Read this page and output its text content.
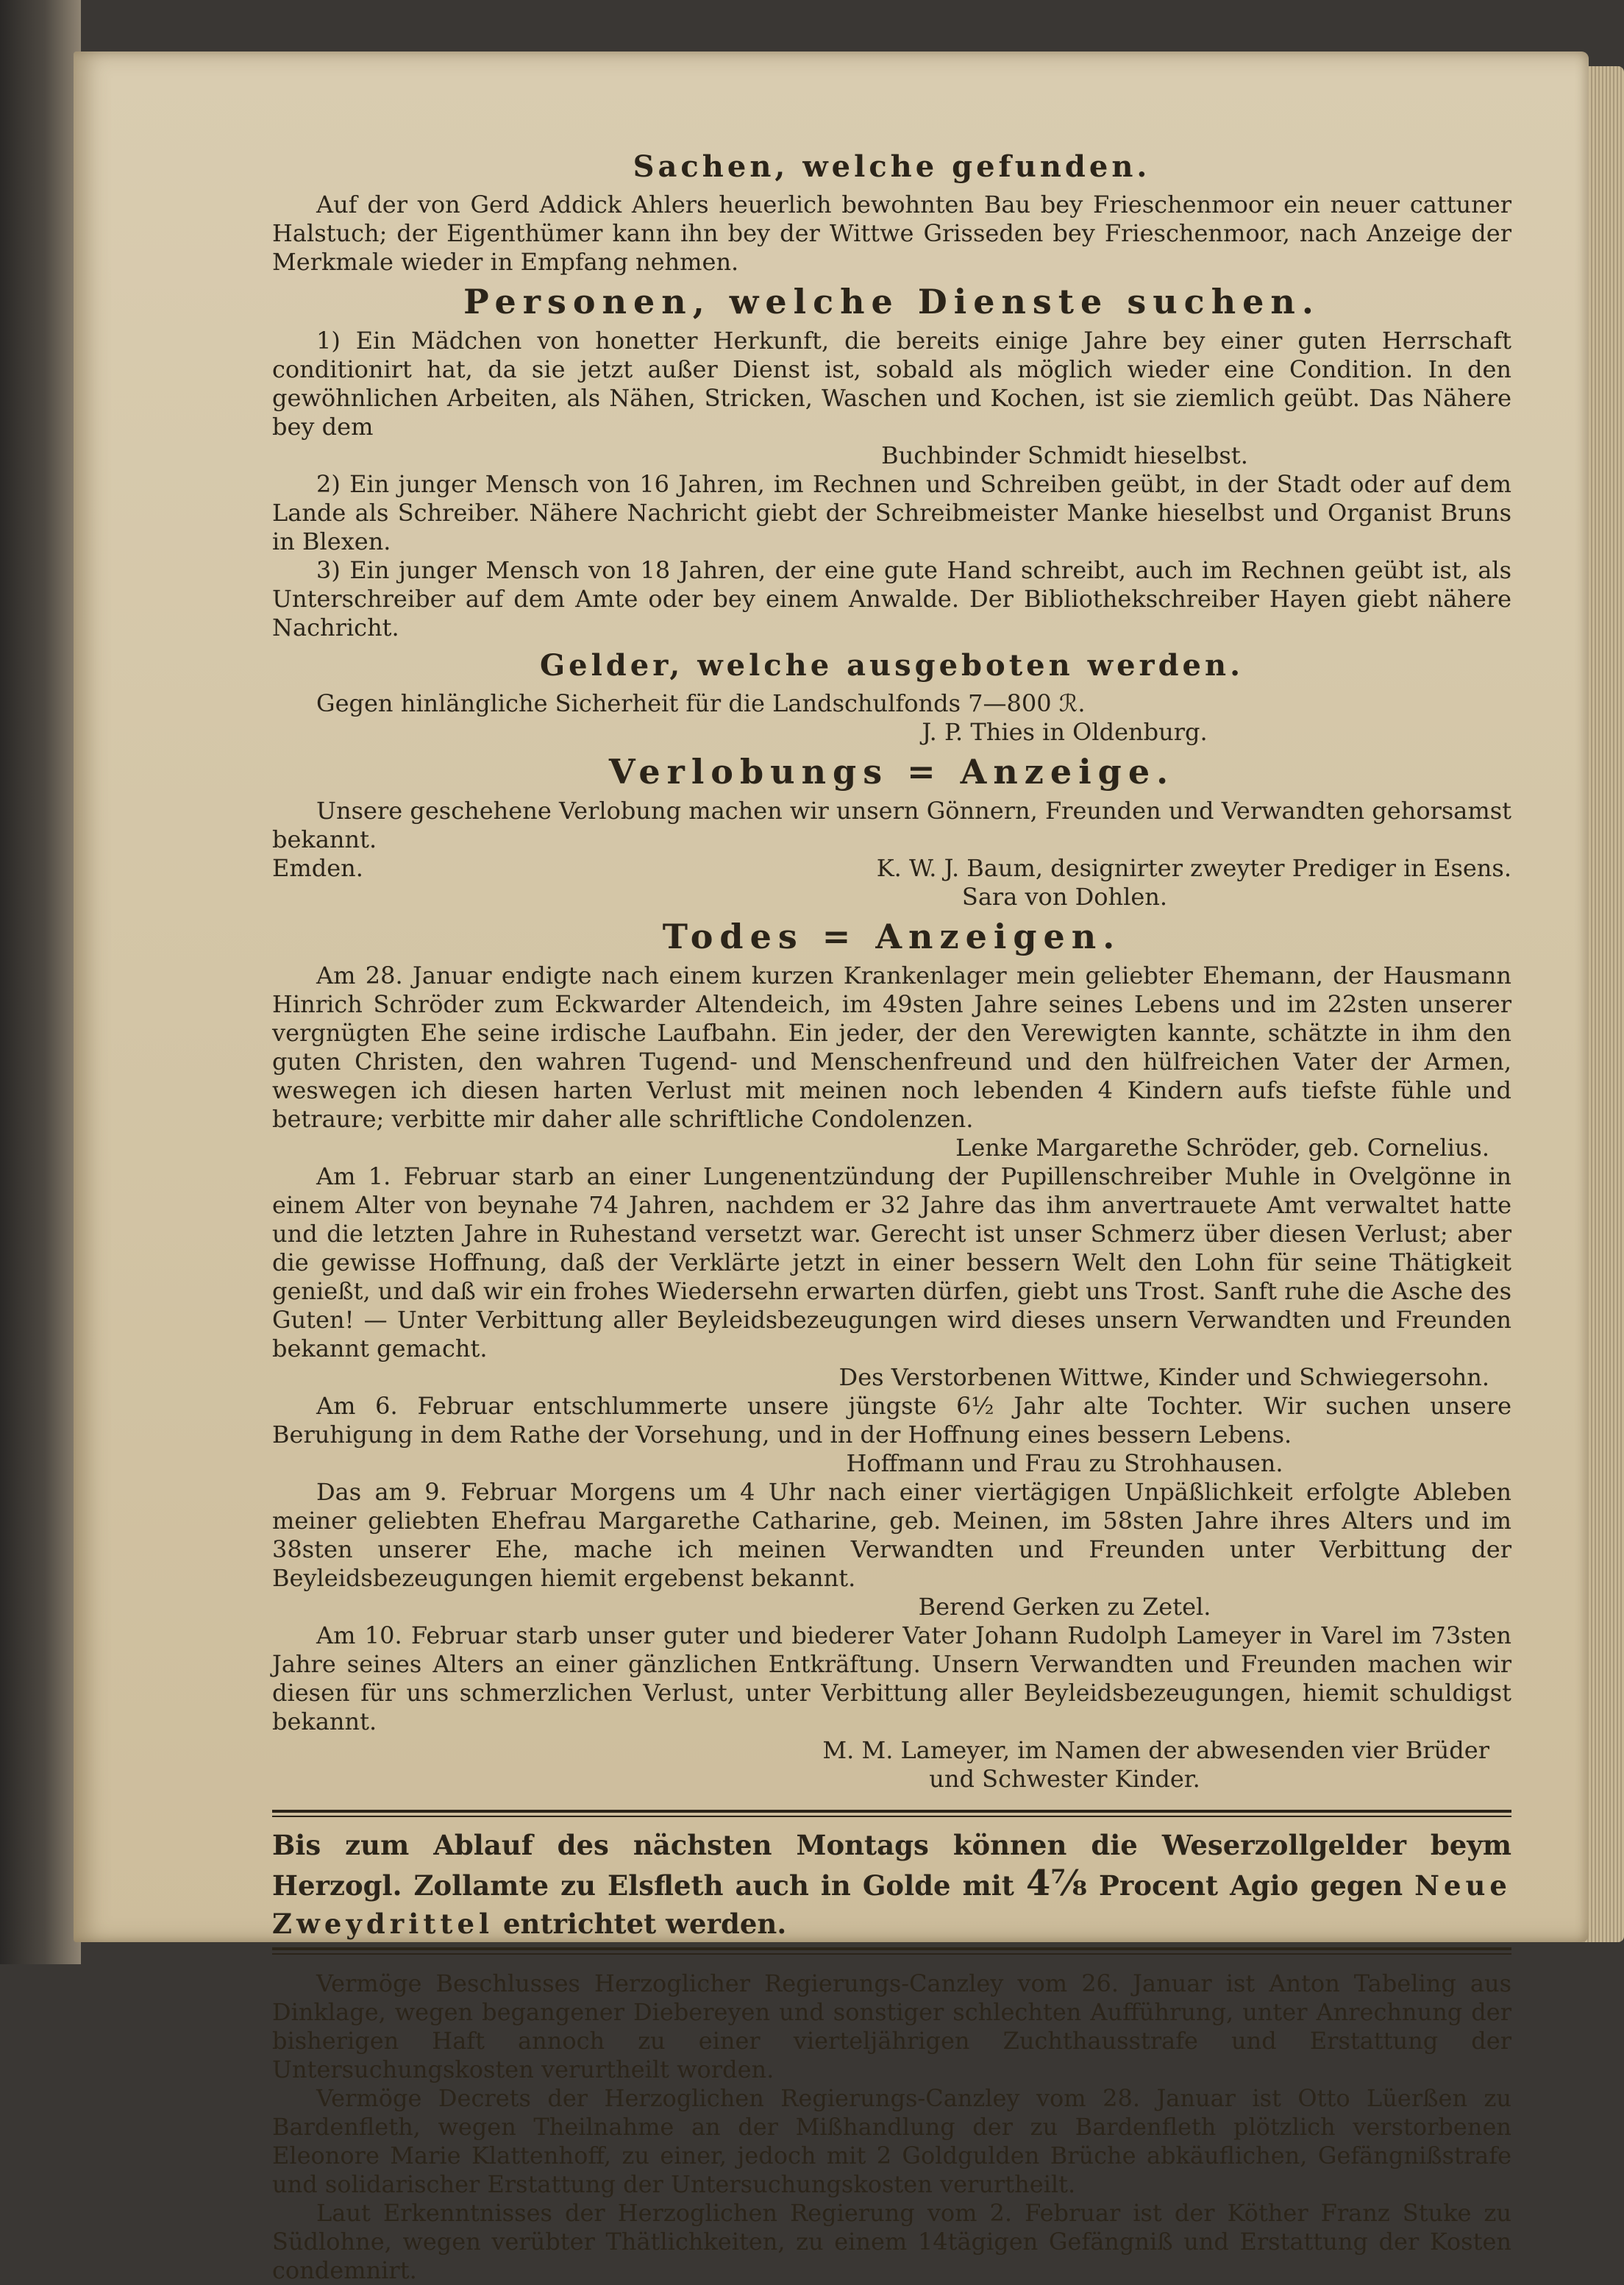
Sachen, welche gefunden.

Auf der von Gerd Addick Ahlers heuerlich bewohnten Bau bey Frieschenmoor ein neuer cattuner Halstuch; der Eigenthümer kann ihn bey der Wittwe Grisseden bey Frieschenmoor, nach Anzeige der Merkmale wieder in Empfang nehmen.

Personen, welche Dienste suchen.

1) Ein Mädchen von honetter Herkunft, die bereits einige Jahre bey einer guten Herrschaft conditionirt hat, da sie jetzt außer Dienst ist, sobald als möglich wieder eine Condition. In den gewöhnlichen Arbeiten, als Nähen, Stricken, Waschen und Kochen, ist sie ziemlich geübt. Das Nähere bey dem

Buchbinder Schmidt hieselbst.

2) Ein junger Mensch von 16 Jahren, im Rechnen und Schreiben geübt, in der Stadt oder auf dem Lande als Schreiber. Nähere Nachricht giebt der Schreibmeister Manke hieselbst und Organist Bruns in Blexen.

3) Ein junger Mensch von 18 Jahren, der eine gute Hand schreibt, auch im Rechnen geübt ist, als Unterschreiber auf dem Amte oder bey einem Anwalde. Der Bibliothekschreiber Hayen giebt nähere Nachricht.

Gelder, welche ausgeboten werden.

Gegen hinlängliche Sicherheit für die Landschulfonds 7—800 ℛ.

J. P. Thies in Oldenburg.

Verlobungs = Anzeige.

Unsere geschehene Verlobung machen wir unsern Gönnern, Freunden und Verwandten gehorsamst bekannt.

Emden.	K. W. J. Baum, designirter zweyter Prediger in Esens.

Sara von Dohlen.

Todes = Anzeigen.

Am 28. Januar endigte nach einem kurzen Krankenlager mein geliebter Ehemann, der Hausmann Hinrich Schröder zum Eckwarder Altendeich, im 49sten Jahre seines Lebens und im 22sten unserer vergnügten Ehe seine irdische Laufbahn. Ein jeder, der den Verewigten kannte, schätzte in ihm den guten Christen, den wahren Tugend- und Menschenfreund und den hülfreichen Vater der Armen, weswegen ich diesen harten Verlust mit meinen noch lebenden 4 Kindern aufs tiefste fühle und betraure; verbitte mir daher alle schriftliche Condolenzen.

Lenke Margarethe Schröder, geb. Cornelius.

Am 1. Februar starb an einer Lungenentzündung der Pupillenschreiber Muhle in Ovelgönne in einem Alter von beynahe 74 Jahren, nachdem er 32 Jahre das ihm anvertrauete Amt verwaltet hatte und die letzten Jahre in Ruhestand versetzt war. Gerecht ist unser Schmerz über diesen Verlust; aber die gewisse Hoffnung, daß der Verklärte jetzt in einer bessern Welt den Lohn für seine Thätigkeit genießt, und daß wir ein frohes Wiedersehn erwarten dürfen, giebt uns Trost. Sanft ruhe die Asche des Guten! — Unter Verbittung aller Beyleidsbezeugungen wird dieses unsern Verwandten und Freunden bekannt gemacht.

Des Verstorbenen Wittwe, Kinder und Schwiegersohn.

Am 6. Februar entschlummerte unsere jüngste 6½ Jahr alte Tochter. Wir suchen unsere Beruhigung in dem Rathe der Vorsehung, und in der Hoffnung eines bessern Lebens.

Hoffmann und Frau zu Strohhausen.

Das am 9. Februar Morgens um 4 Uhr nach einer viertägigen Unpäßlichkeit erfolgte Ableben meiner geliebten Ehefrau Margarethe Catharine, geb. Meinen, im 58sten Jahre ihres Alters und im 38sten unserer Ehe, mache ich meinen Verwandten und Freunden unter Verbittung der Beyleidsbezeugungen hiemit ergebenst bekannt.

Berend Gerken zu Zetel.

Am 10. Februar starb unser guter und biederer Vater Johann Rudolph Lameyer in Varel im 73sten Jahre seines Alters an einer gänzlichen Entkräftung. Unsern Verwandten und Freunden machen wir diesen für uns schmerzlichen Verlust, unter Verbittung aller Beyleidsbezeugungen, hiemit schuldigst bekannt.

M. M. Lameyer, im Namen der abwesenden vier Brüder

und Schwester Kinder.

Bis zum Ablauf des nächsten Montags können die Weserzollgelder beym Herzogl. Zollamte zu Elsfleth auch in Golde mit 4⅞ Procent Agio gegen Neue Zweydrittel entrichtet werden.

Vermöge Beschlusses Herzoglicher Regierungs-Canzley vom 26. Januar ist Anton Tabeling aus Dinklage, wegen begangener Diebereyen und sonstiger schlechten Aufführung, unter Anrechnung der bisherigen Haft annoch zu einer vierteljährigen Zuchthausstrafe und Erstattung der Untersuchungskosten verurtheilt worden.

Vermöge Decrets der Herzoglichen Regierungs-Canzley vom 28. Januar ist Otto Lüerßen zu Bardenfleth, wegen Theilnahme an der Mißhandlung der zu Bardenfleth plötzlich verstorbenen Eleonore Marie Klattenhoff, zu einer, jedoch mit 2 Goldgulden Brüche abkäuflichen, Gefängnißstrafe und solidarischer Erstattung der Untersuchungskosten verurtheilt.

Laut Erkenntnisses der Herzoglichen Regierung vom 2. Februar ist der Köther Franz Stuke zu Südlohne, wegen verübter Thätlichkeiten, zu einem 14tägigen Gefängniß und Erstattung der Kosten condemnirt.
